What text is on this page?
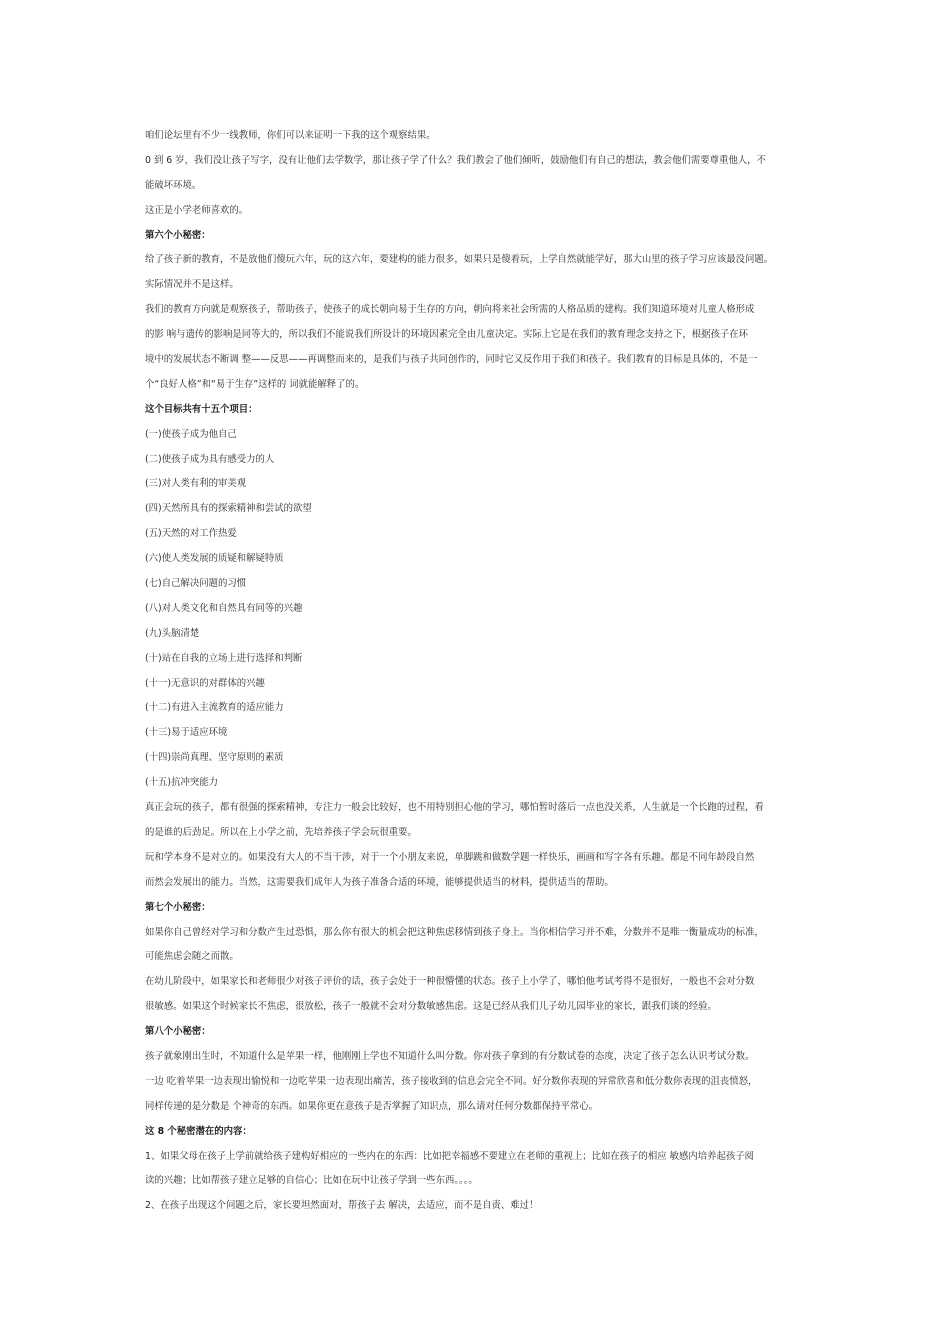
咱们论坛里有不少一线教师，你们可以来证明一下我的这个观察结果。
0 到 6 岁，我们没让孩子写字，没有让他们去学数学，那让孩子学了什么？我们教会了他们倾听，鼓励他们有自己的想法，教会他们需要尊重他人，不
能破坏环境。
这正是小学老师喜欢的。
第六个小秘密：
给了孩子新的教育，不是放他们傻玩六年，玩的这六年，要建构的能力很多，如果只是傻着玩，上学自然就能学好，那大山里的孩子学习应该最没问题。
实际情况并不是这样。
我们的教育方向就是观察孩子，帮助孩子，使孩子的成长朝向易于生存的方向，朝向将来社会所需的人格品质的建构。我们知道环境对儿童人格形成
的影 响与遗传的影响是同等大的，所以我们不能说我们所设计的环境因素完全由儿童决定。实际上它是在我们的教育理念支持之下，根据孩子在环
境中的发展状态不断调 整——反思——再调整而来的，是我们与孩子共同创作的，同时它又反作用于我们和孩子。我们教育的目标是具体的，不是一
个“良好人格”和“易于生存”这样的 词就能解释了的。
这个目标共有十五个项目：
(一)使孩子成为他自己
(二)使孩子成为具有感受力的人
(三)对人类有利的审美观
(四)天然所具有的探索精神和尝试的欲望
(五)天然的对工作热爱
(六)使人类发展的质疑和解疑特质
(七)自己解决问题的习惯
(八)对人类文化和自然具有同等的兴趣
(九)头脑清楚
(十)站在自我的立场上进行选择和判断
(十一)无意识的对群体的兴趣
(十二)有进入主流教育的适应能力
(十三)易于适应环境
(十四)崇尚真理、坚守原则的素质
(十五)抗冲突能力
真正会玩的孩子，都有很强的探索精神，专注力一般会比较好，也不用特别担心他的学习，哪怕暂时落后一点也没关系，人生就是一个长跑的过程，看
的是谁的后劲足。所以在上小学之前，先培养孩子学会玩很重要。
玩和学本身不是对立的。如果没有大人的不当干涉，对于一个小朋友来说，单脚跳和做数学题一样快乐，画画和写字各有乐趣。都是不同年龄段自然
而然会发展出的能力。当然，这需要我们成年人为孩子准备合适的环境，能够提供适当的材料，提供适当的帮助。
第七个小秘密：
如果你自己曾经对学习和分数产生过恐惧，那么你有很大的机会把这种焦虑移情到孩子身上。当你相信学习并不难，分数并不是唯一衡量成功的标准，
可能焦虑会随之而散。
在幼儿阶段中，如果家长和老师很少对孩子评价的话，孩子会处于一种很懵懂的状态。孩子上小学了，哪怕他考试考得不是很好，一般也不会对分数
很敏感。如果这个时候家长不焦虑，很放松，孩子一般就不会对分数敏感焦虑。这是已经从我们儿子幼儿园毕业的家长，跟我们谈的经验。
第八个小秘密：
孩子就象刚出生时，不知道什么是苹果一样，他刚刚上学也不知道什么叫分数。你对孩子拿到的有分数试卷的态度，决定了孩子怎么认识考试分数。
一边 吃着苹果一边表现出愉悦和一边吃苹果一边表现出痛苦，孩子接收到的信息会完全不同。好分数你表现的异常欣喜和低分数你表现的沮丧愤怒，
同样传递的是分数是 个神奇的东西。如果你更在意孩子是否掌握了知识点，那么请对任何分数都保持平常心。
这 8 个秘密潜在的内容：
1、如果父母在孩子上学前就给孩子建构好相应的一些内在的东西：比如把幸福感不要建立在老师的重视上；比如在孩子的相应 敏感内培养起孩子阅
读的兴趣；比如帮孩子建立足够的自信心；比如在玩中让孩子学到一些东西。。。。
2、在孩子出现这个问题之后，家长要坦然面对，帮孩子去 解决，去适应，而不是自责、难过！
